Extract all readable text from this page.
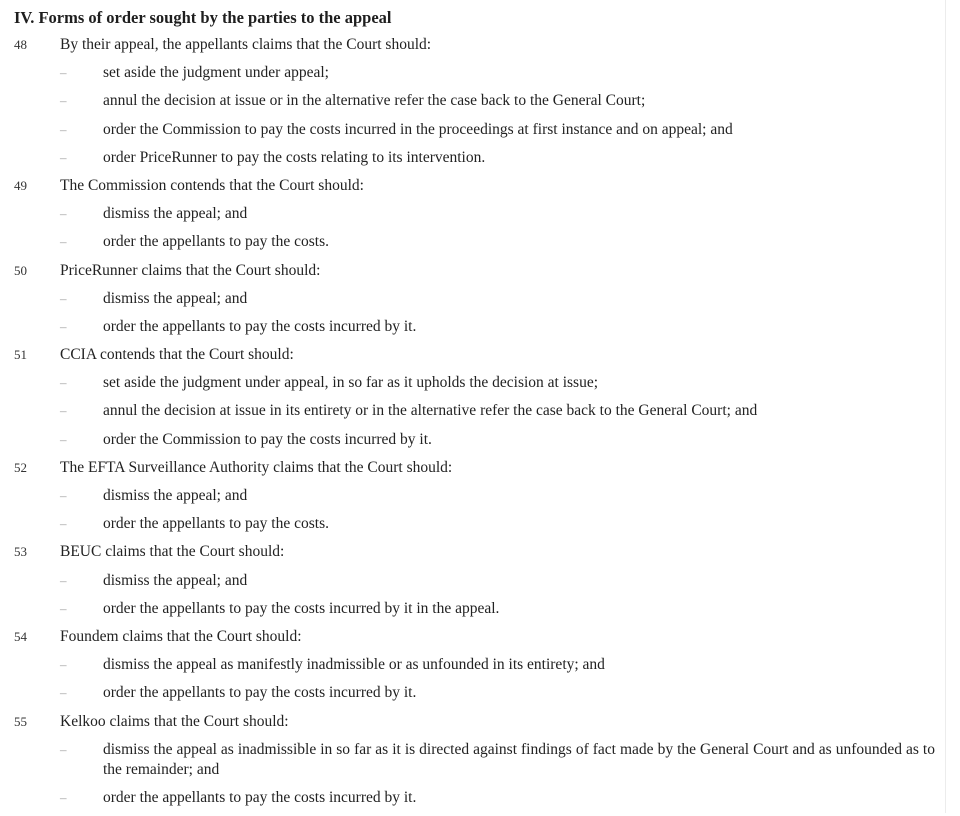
IV. Forms of order sought by the parties to the appeal
48	By their appeal, the appellants claims that the Court should:
–	set aside the judgment under appeal;
–	annul the decision at issue or in the alternative refer the case back to the General Court;
–	order the Commission to pay the costs incurred in the proceedings at first instance and on appeal; and
–	order PriceRunner to pay the costs relating to its intervention.
49	The Commission contends that the Court should:
–	dismiss the appeal; and
–	order the appellants to pay the costs.
50	PriceRunner claims that the Court should:
–	dismiss the appeal; and
–	order the appellants to pay the costs incurred by it.
51	CCIA contends that the Court should:
–	set aside the judgment under appeal, in so far as it upholds the decision at issue;
–	annul the decision at issue in its entirety or in the alternative refer the case back to the General Court; and
–	order the Commission to pay the costs incurred by it.
52	The EFTA Surveillance Authority claims that the Court should:
–	dismiss the appeal; and
–	order the appellants to pay the costs.
53	BEUC claims that the Court should:
–	dismiss the appeal; and
–	order the appellants to pay the costs incurred by it in the appeal.
54	Foundem claims that the Court should:
–	dismiss the appeal as manifestly inadmissible or as unfounded in its entirety; and
–	order the appellants to pay the costs incurred by it.
55	Kelkoo claims that the Court should:
–	dismiss the appeal as inadmissible in so far as it is directed against findings of fact made by the General Court and as unfounded as to the remainder; and
–	order the appellants to pay the costs incurred by it.
